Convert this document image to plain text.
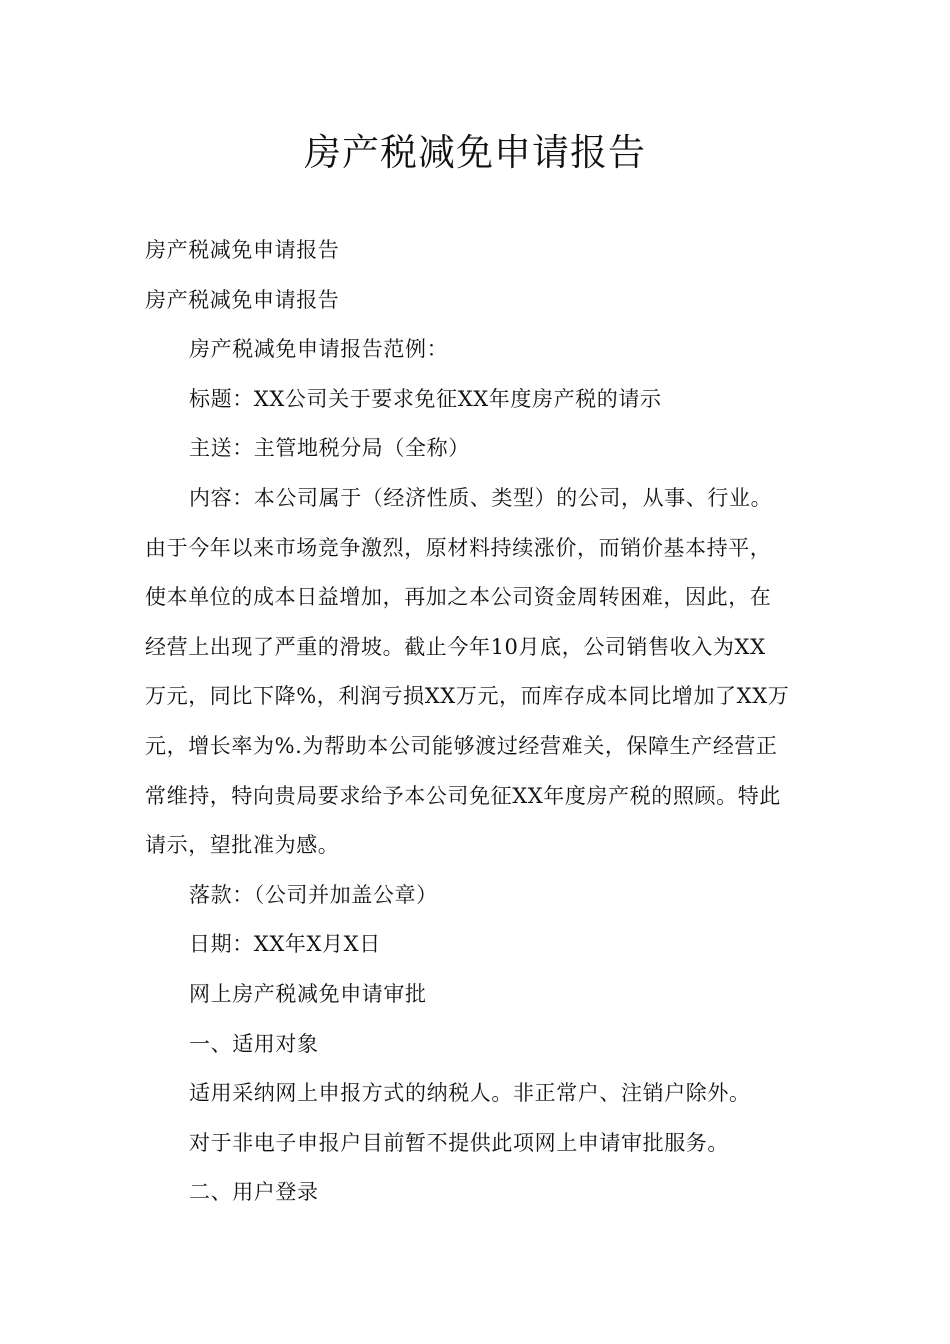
房产税减免申请报告

房产税减免申请报告

房产税减免申请报告

房产税减免申请报告范例：

标题：XX公司关于要求免征XX年度房产税的请示

主送：主管地税分局（全称）

内容：本公司属于（经济性质、类型）的公司，从事、行业。
由于今年以来市场竞争激烈，原材料持续涨价，而销价基本持平，
使本单位的成本日益增加，再加之本公司资金周转困难，因此，在
经营上出现了严重的滑坡。截止今年10月底，公司销售收入为XX
万元，同比下降%，利润亏损XX万元，而库存成本同比增加了XX万
元，增长率为%.为帮助本公司能够渡过经营难关，保障生产经营正
常维持，特向贵局要求给予本公司免征XX年度房产税的照顾。特此
请示，望批准为感。

落款：（公司并加盖公章）

日期：XX年X月X日

网上房产税减免申请审批

一、适用对象

适用采纳网上申报方式的纳税人。非正常户、注销户除外。

对于非电子申报户目前暂不提供此项网上申请审批服务。

二、用户登录
